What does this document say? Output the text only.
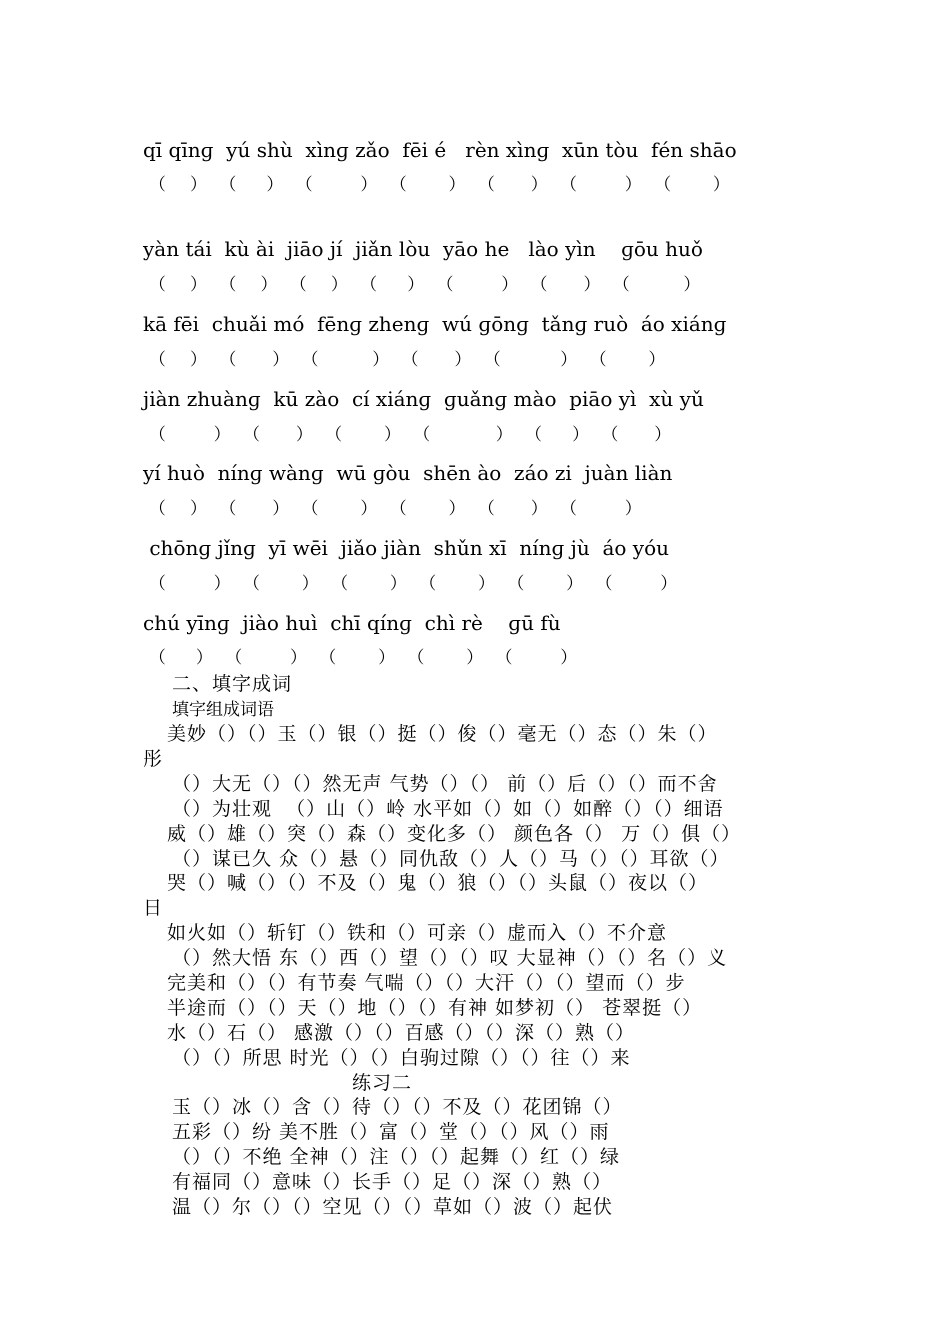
qī qīnɡ  yú shù  xìnɡ zǎo  fēi é   rèn xìnɡ  xūn tòu  fén shāo
（    ）  （     ）  （        ）  （       ）  （      ）  （        ）  （       ）
yàn tái  kù ài  jiāo jí  jiǎn lòu  yāo he   lào yìn    ɡōu huǒ
（    ）  （    ）  （    ）  （     ）  （        ）  （      ）  （         ）
kā fēi  chuǎi mó  fēnɡ zhenɡ  wú ɡōnɡ  tǎnɡ ruò  áo xiánɡ
（    ）  （      ）  （         ）  （      ）  （          ）  （       ）
jiàn zhuànɡ  kū zào  cí xiánɡ  ɡuǎnɡ mào  piāo yì  xù yǔ
（        ）  （      ）  （       ）  （           ）  （     ）  （      ）
yí huò  nínɡ wànɡ  wū ɡòu  shēn ào  záo zi  juàn liàn
（    ）  （      ）  （       ）  （       ）  （      ）  （        ）
chōnɡ jǐnɡ  yī wēi  jiǎo jiàn  shǔn xī  nínɡ jù  áo yóu
（        ）  （       ）  （       ）  （       ）  （       ）  （        ）
chú yīnɡ  jiào huì  chī qínɡ  chì rè    ɡū fù
（     ）  （        ）  （       ）  （       ）  （        ）
二、填字成词
填字组成词语
美妙（）（）玉（）银（）挺（）俊（）毫无（）态（）朱（）
彤
（）大无（）（）然无声 气势（）（） 前（）后（）（）而不舍
（）为壮观  （）山（）岭 水平如（）如（）如醉（）（）细语
威（）雄（）突（）森（）变化多（） 颜色各（） 万（）俱（）
（）谋已久 众（）悬（）同仇敌（）人（）马（）（）耳欲（）
哭（）喊（）（）不及（）鬼（）狼（）（）头鼠（）夜以（）
日
如火如（）斩钉（）铁和（）可亲（）虚而入（）不介意
（）然大悟 东（）西（）望（）（）叹 大显神（）（）名（）义
完美和（）（）有节奏 气喘（）（）大汗（）（）望而（）步
半途而（）（）天（）地（）（）有神 如梦初（） 苍翠挺（）
水（）石（） 感激（）（）百感（）（）深（）熟（）
（）（）所思 时光（）（）白驹过隙（）（）往（）来
练习二
玉（）冰（）含（）待（）（）不及（）花团锦（）
五彩（）纷 美不胜（）富（）堂（）（）风（）雨
（）（）不绝 全神（）注（）（）起舞（）红（）绿
有福同（）意味（）长手（）足（）深（）熟（）
温（）尔（）（）空见（）（）草如（）波（）起伏
